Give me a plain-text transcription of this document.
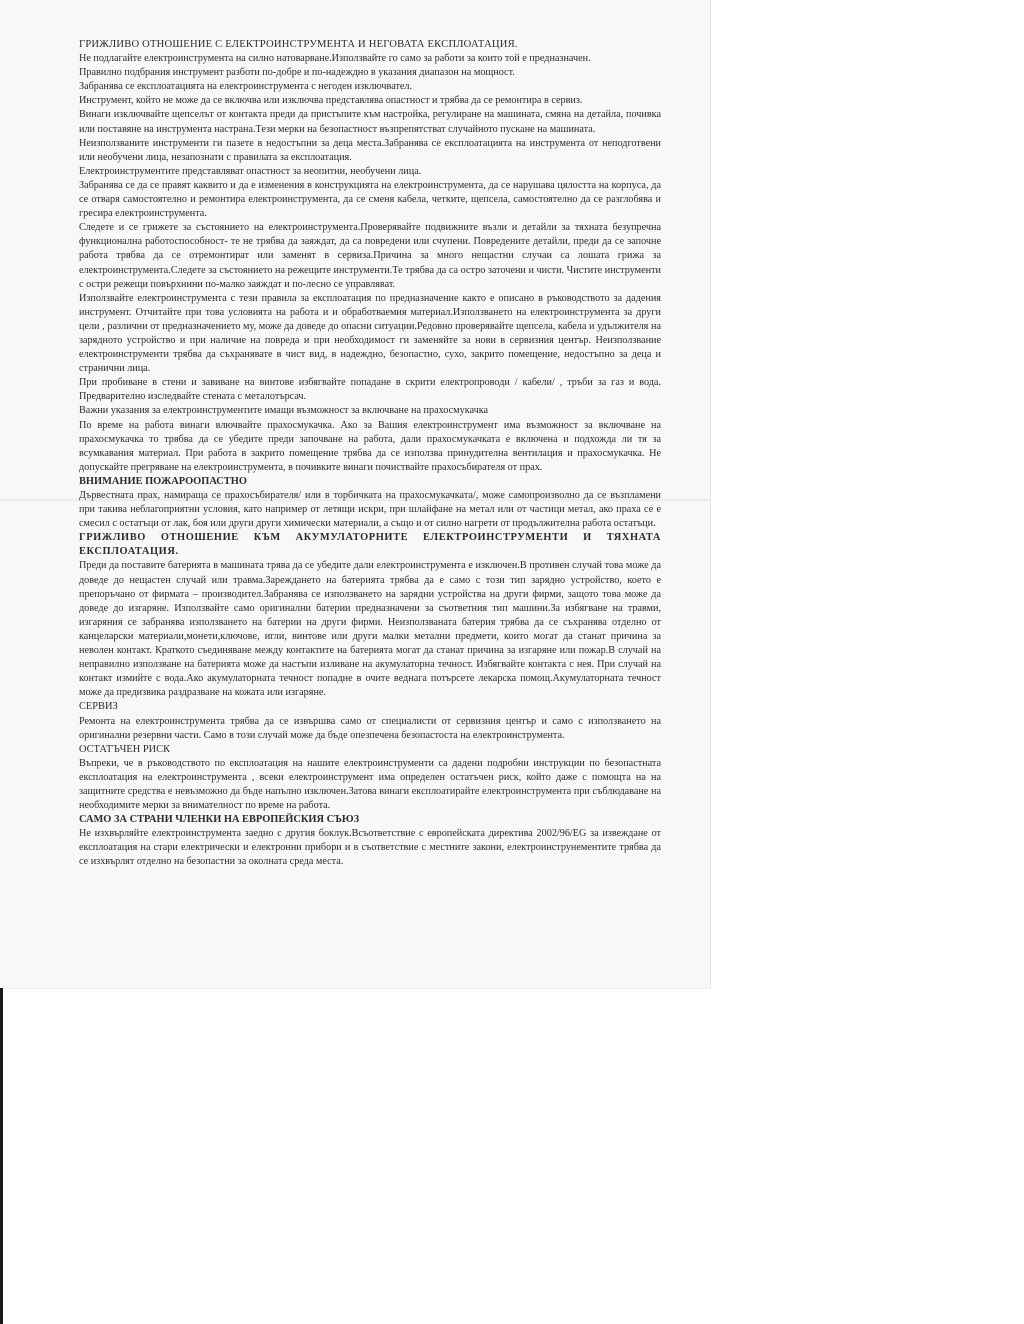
ГРИЖЛИВО ОТНОШЕНИЕ С ЕЛЕКТРОИНСТРУМЕНТА И НЕГОВАТА ЕКСПЛОАТАЦИЯ.

Не подлагайте електроинструмента на силно натоварване.Използвайте го само за работи за които той е предназначен.

Правилно подбрания инструмент разботи по-добре и по-надеждно в указания диапазон на мощност.

Забранява се експлоатацията на електроинструмента с негоден изключвател.

Инструмент, който не може да се включва или изключва представлява опастност и трябва да се ремонтира в сервиз.

Винаги изключвайте щепселът от контакта преди да пристъпите към настройка, регулиране на машината, смяна на детайла, почивка или поставяне на инструмента настрана.Тези мерки на безопастност възпрепятстват случайното пускане на машината.

Неизползваните инструменти ги пазете в недостъпни за деца места.Забранява се експлоатацията на инструмента от неподготвени или необучени лица, незапознати с правилата за експлоатация.

Електроинструментите представляват опастност за неопитни, необучени лица.

Забранява се да се правят каквито и да е изменения в конструкцията на електроинструмента, да се нарушава цялостта на корпуса, да се отваря самостоятелно и ремонтира електроинструмента, да се сменя кабела, четките, щепсела, самостоятелно да се разглобява и гресира електроинструмента.

Следете и се грижете за състоянието на електроинструмента.Проверявайте подвижните възли и детайли за тяхната безупречна функционална работоспособност- те не трябва да заяждат, да са повредени или счупени. Повредените детайли, преди да се започне работа трябва да се отремонтират или заменят в сервиза.Причина за много нещастни случаи са лошата грижа за електроинструмента.Следете за състоянието на режещите инструменти.Те трябва да са остро заточени и чисти. Чистите инструменти с остри режещи повърхнини по-малко заяждат и по-лесно се управляват.

Използвайте електроинструмента с тези правила за експлоатация по предназначение както е описано в ръководството за дадения инструмент. Отчитайте при това условията на работа и и обработваемия материал.Използването на електроинструмента за други цели , различни от предназначението му, може да доведе до опасни ситуации.Редовно проверявайте щепсела, кабела и удължителя на зарядното устройство и при наличие на повреда и при необходимост ги заменяйте за нови в сервизния център. Неизползвание електроинструменти трябва да съхранявате в чист вид, в надеждно, безопастно, сухо, закрито помещение, недостъпно за деца и странични лица.

При пробиване в стени и завиване на винтове избягвайте попадане в скрити електропроводи / кабели/ , тръби за газ и вода. Предварително изследвайте стената с металотърсач.

Важни указания за електроинструментите имащи възможност за включване на прахосмукачка

По време на работа винаги влючвайте прахосмукачка. Ако за Вашия електроинструмент има възможност за включване на прахосмукачка то трябва да се убедите преди започване на работа, дали прахосмукачката е включена и подхожда ли тя за всумкавания материал. При работа в закрито помещение трябва да се използва принудителна вентилация и прахосмукачка. Не допускайте прегряване на електроинструмента, в почивките винаги почиствайте прахосъбирателя от прах.

ВНИМАНИЕ ПОЖАРООПАСТНО

Дървестната прах, намираща се прахосъбирателя/ или в торбичката на прахосмукачката/, може самопроизволно да се възпламени при такива неблагоприятни условия, като например от летящи искри, при шлайфане на метал или от частици метал, ако праха се е смесил с остатъци от лак, боя или други други химически материали, а също и от силно нагрети от продължителна работа остатъци.

ГРИЖЛИВО ОТНОШЕНИЕ КЪМ АКУМУЛАТОРНИТЕ ЕЛЕКТРОИНСТРУМЕНТИ И ТЯХНАТА ЕКСПЛОАТАЦИЯ.

Преди да поставите батерията в машината трява да се убедите дали електроинструмента е изключен.В противен случай това може да доведе до нещастен случай или травма.Зареждането на батерията трябва да е само с този тип зарядно устройство, което е препоръчано от фирмата – производител.Забранява се използването на зарядни устройства на други фирми, защото това може да доведе до изгаряне. Използвайте само оригинални батерии предназначени за съответния тип машини.За избягване на травми, изгаряния се забранява използването на батерии на други фирми. Неизползваната батерия трябва да се съхранява отделно от канцеларски материали,монети,ключове, игли, винтове или други малки метални предмети, които могат да станат причина за неволен контакт. Краткото съединяване между контактите на батерията могат да станат причина за изгаряне или пожар.В случай на неправилно използване на батерията може да настъпи изливане на акумулаторна течност. Избягвайте контакта с нея. При случай на контакт измийте с вода.Ако акумулаторната течност попадне в очите веднага потърсете лекарска помощ.Акумулаторната течност може да предизвика раздразване на кожата или изгаряне.

СЕРВИЗ

Ремонта на електроинструмента трябва да се извършва само от специалисти от сервизния център и само с използването на оригинални резервни части. Само в този случай може да бъде опезпечена безопастоста на електроинструмента.

ОСТАТЪЧЕН РИСК

Въпреки, че в ръководството по експлоатация на нашите електроинструменти са дадени подробни инструкции по безопастната експлоатация на електроинструмента , всеки електроинструмент има определен остатъчен риск, който даже с помощта на на защитните средства е невъзможно да бъде напълно изключен.Затова винаги експлоатирайте електроинструмента при съблюдаване на необходимите мерки за внимателност по време на работа.

САМО ЗА СТРАНИ ЧЛЕНКИ НА ЕВРОПЕЙСКИЯ СЪЮЗ

Не изхвърляйте електроинструмента заедно с другия боклук.Всъответствие с европейската директива 2002/96/EG за извеждане от експлоатация на стари електрически и електронни прибори и в съответствие с местните закони, електроинструнементите трябва да се изхвърлят отделно на безопастни за околната среда места.
